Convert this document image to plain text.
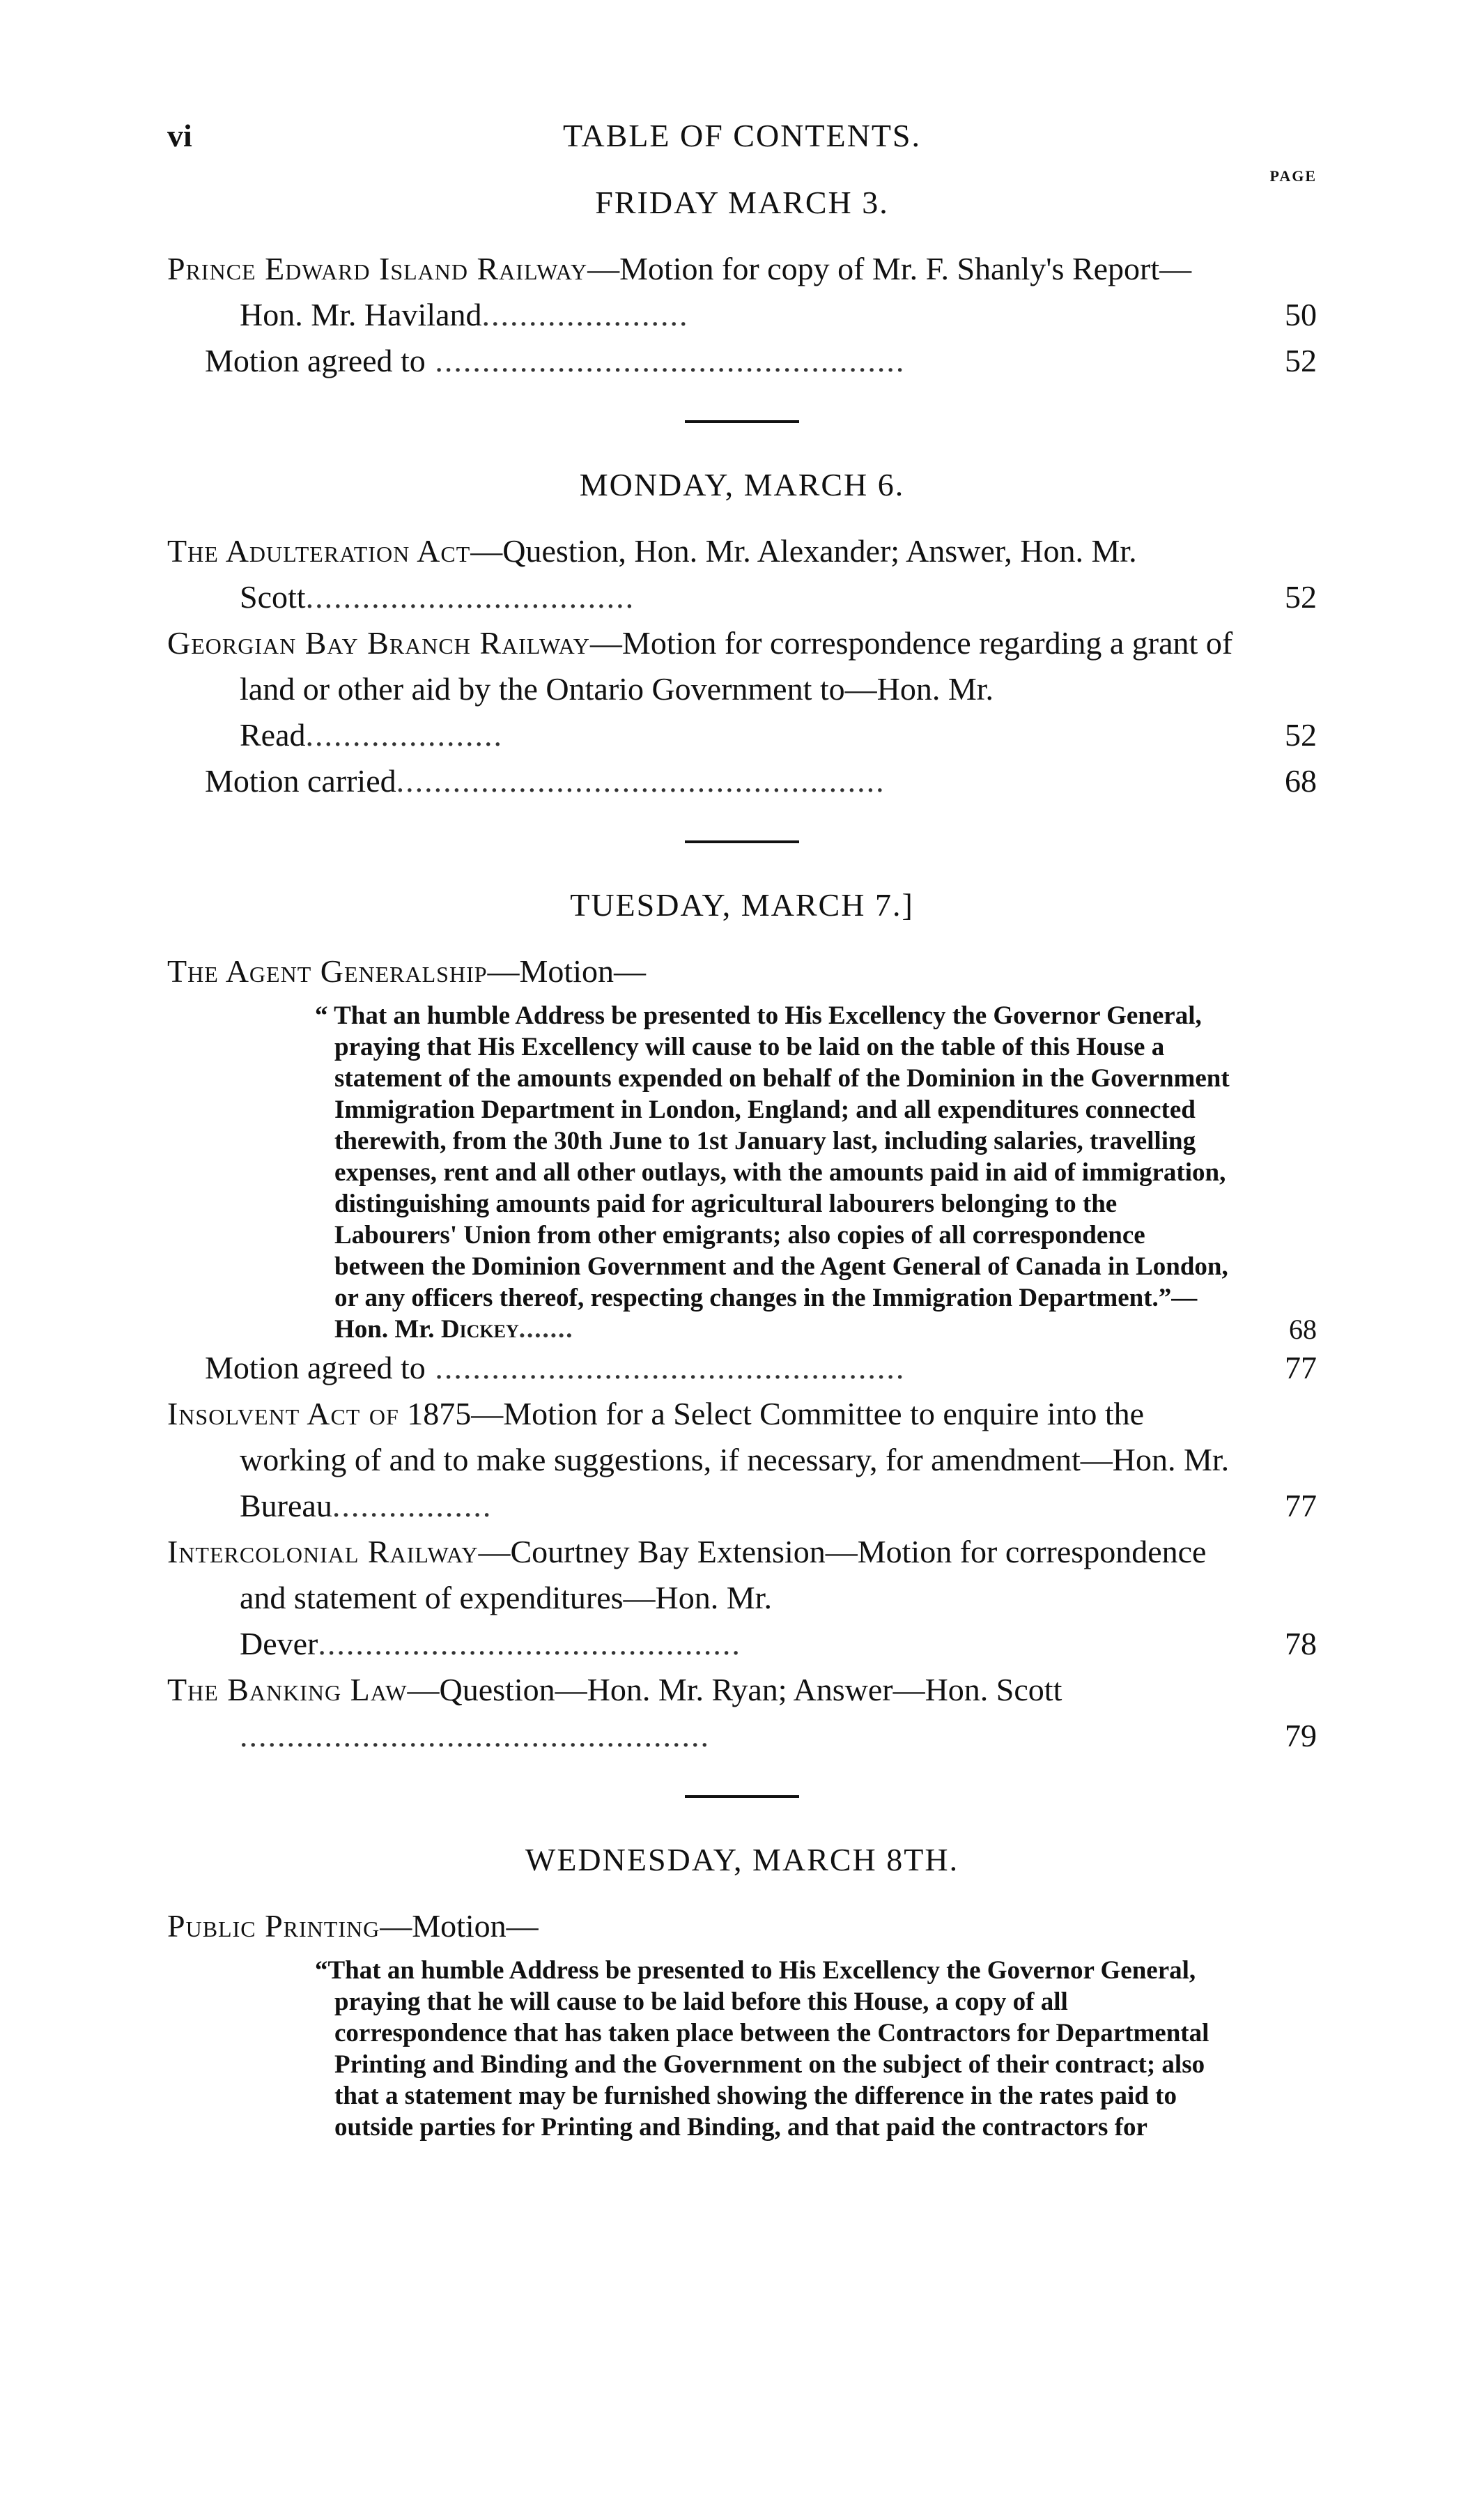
vi	TABLE OF CONTENTS.
PAGE
FRIDAY MARCH 3.
Prince Edward Island Railway—Motion for copy of Mr. F. Shanly's Report—Hon. Mr. Haviland......................	50
Motion agreed to ..................................................	52
MONDAY, MARCH 6.
The Adulteration Act—Question, Hon. Mr. Alexander; Answer, Hon. Mr. Scott...................................	52
Georgian Bay Branch Railway—Motion for correspondence regarding a grant of land or other aid by the Ontario Government to—Hon. Mr. Read.....................	52
Motion carried....................................................	68
TUESDAY, MARCH 7.]
The Agent Generalship—Motion—
“ That an humble Address be presented to His Excellency the Governor General, praying that His Excellency will cause to be laid on the table of this House a statement of the amounts expended on behalf of the Dominion in the Government Immigration Department in London, England; and all expenditures connected therewith, from the 30th June to 1st January last, including salaries, travelling expenses, rent and all other outlays, with the amounts paid in aid of immigration, distinguishing amounts paid for agricultural labourers belonging to the Labourers' Union from other emigrants; also copies of all correspondence between the Dominion Government and the Agent General of Canada in London, or any officers thereof, respecting changes in the Immigration Department.”—Hon. Mr. Dickey.......	68
Motion agreed to ..................................................	77
Insolvent Act of 1875—Motion for a Select Committee to enquire into the working of and to make suggestions, if necessary, for amendment—Hon. Mr. Bureau.................	77
Intercolonial Railway—Courtney Bay Extension—Motion for correspondence and statement of expenditures—Hon. Mr. Dever.............................................	78
The Banking Law—Question—Hon. Mr. Ryan; Answer—Hon. Scott ..................................................	79
WEDNESDAY, MARCH 8TH.
Public Printing—Motion—
“That an humble Address be presented to His Excellency the Governor General, praying that he will cause to be laid before this House, a copy of all correspondence that has taken place between the Contractors for Departmental Printing and Binding and the Government on the subject of their contract; also that a statement may be furnished showing the difference in the rates paid to outside parties for Printing and Binding, and that paid the contractors for
